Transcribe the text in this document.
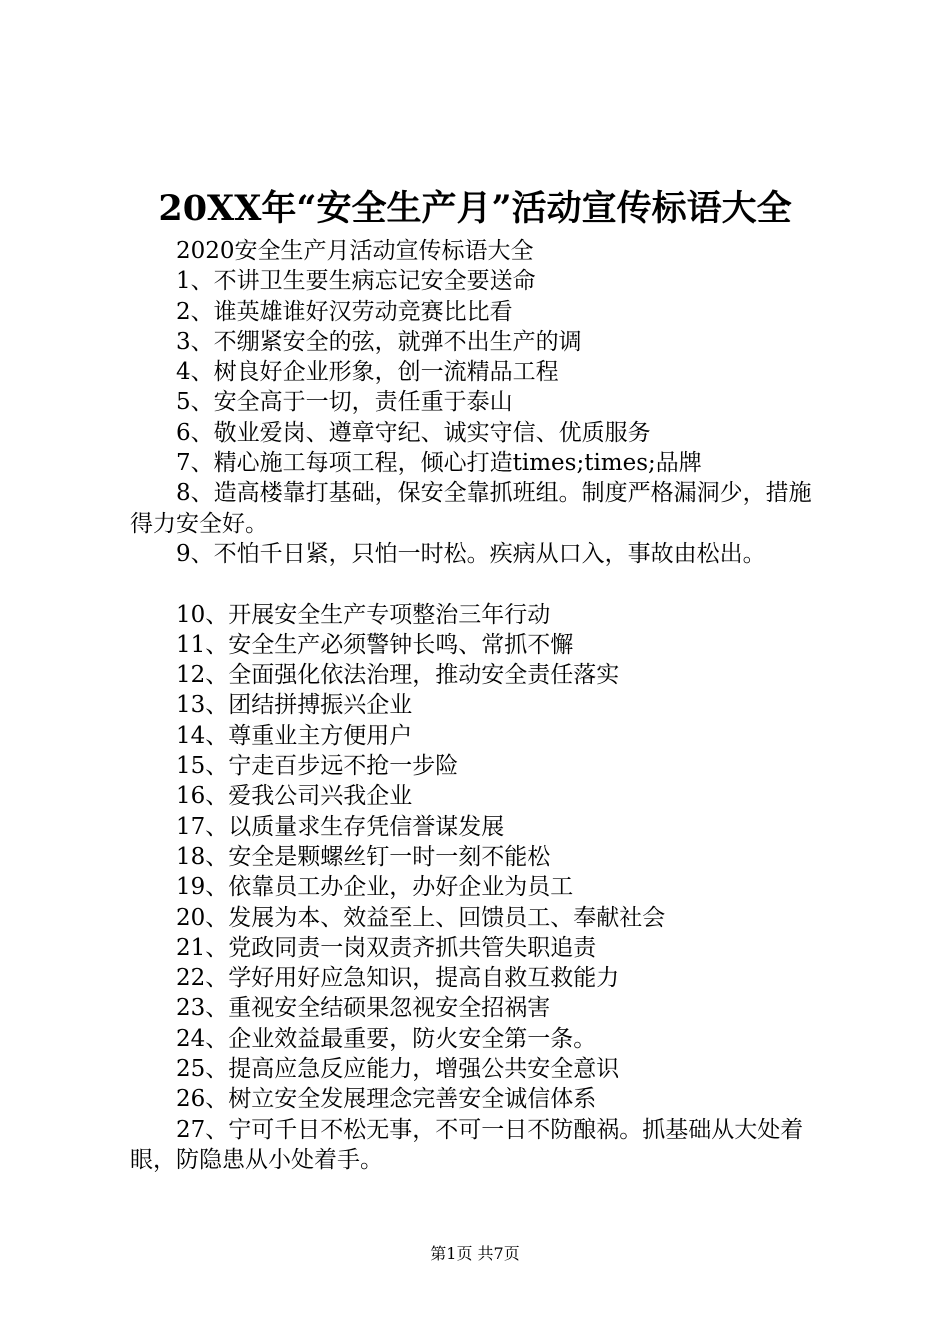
20XX年“安全生产月”活动宣传标语大全

2020安全生产月活动宣传标语大全

1、不讲卫生要生病忘记安全要送命

2、谁英雄谁好汉劳动竞赛比比看

3、不绷紧安全的弦，就弹不出生产的调

4、树良好企业形象，创一流精品工程

5、安全高于一切，责任重于泰山

6、敬业爱岗、遵章守纪、诚实守信、优质服务

7、精心施工每项工程，倾心打造times;times;品牌

8、造高楼靠打基础，保安全靠抓班组。制度严格漏洞少，措施得力安全好。

9、不怕千日紧，只怕一时松。疾病从口入，事故由松出。

10、开展安全生产专项整治三年行动

11、安全生产必须警钟长鸣、常抓不懈

12、全面强化依法治理，推动安全责任落实

13、团结拼搏振兴企业

14、尊重业主方便用户

15、宁走百步远不抢一步险

16、爱我公司兴我企业

17、以质量求生存凭信誉谋发展

18、安全是颗螺丝钉一时一刻不能松

19、依靠员工办企业，办好企业为员工

20、发展为本、效益至上、回馈员工、奉献社会

21、党政同责一岗双责齐抓共管失职追责

22、学好用好应急知识，提高自救互救能力

23、重视安全结硕果忽视安全招祸害

24、企业效益最重要，防火安全第一条。

25、提高应急反应能力，增强公共安全意识

26、树立安全发展理念完善安全诚信体系

27、宁可千日不松无事，不可一日不防酿祸。抓基础从大处着眼，防隐患从小处着手。

第1页 共7页
